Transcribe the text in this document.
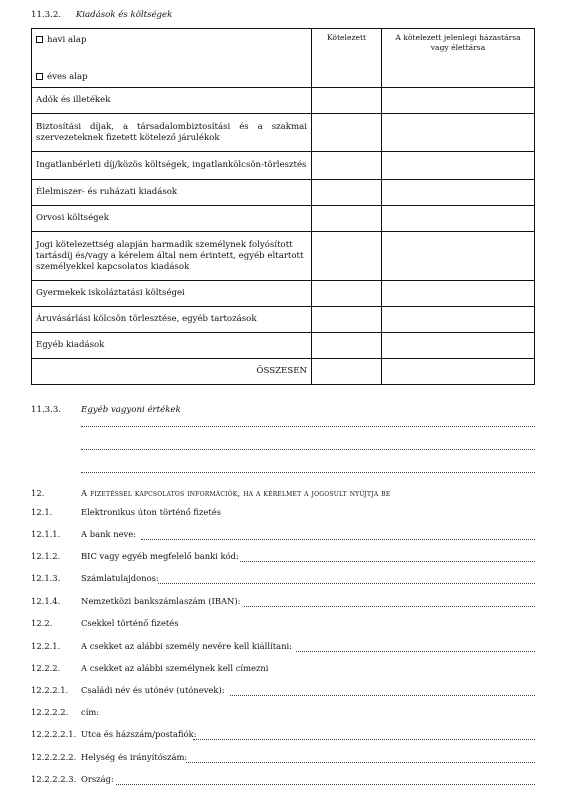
11.3.2. Kiadások és költségek
havi alap
éves alap
Kötelezett	A kötelezett jelenlegi házastársa vagy élettársa
Adók és illetékek
Biztosítási díjak, a társadalombiztosítási és a szakmai szervezeteknek fizetett kötelező járulékok
Ingatlanbérleti díj/közös költségek, ingatlankölcsön-törlesztés
Élelmiszer- és ruházati kiadások
Orvosi költségek
Jogi kötelezettség alapján harmadik személynek folyósított tartásdíj és/vagy a kérelem által nem érintett, egyéb eltartott személyekkel kapcsolatos kiadások
Gyermekek iskoláztatási költségei
Áruvásárlási kölcsön törlesztése, egyéb tartozások
Egyéb kiadások
ÖSSZESEN
11.3.3. Egyéb vagyoni értékek
12.	A fizetéssel kapcsolatos információk, ha a kérelmet a jogosult nyújtja be
12.1.	Elektronikus úton történő fizetés
12.1.1. A bank neve:
12.1.2. BIC vagy egyéb megfelelő banki kód:
12.1.3. Számlatulajdonos:
12.1.4. Nemzetközi bankszámlaszám (IBAN):
12.2.	Csekkel történő fizetés
12.2.1. A csekket az alábbi személy nevére kell kiállítani:
12.2.2. A csekket az alábbi személynek kell címezni
12.2.2.1. Családi név és utónév (utónevek):
12.2.2.2. cím:
12.2.2.2.1. Utca és házszám/postafiók:
12.2.2.2.2. Helység és irányítószám:
12.2.2.2.3. Ország:
